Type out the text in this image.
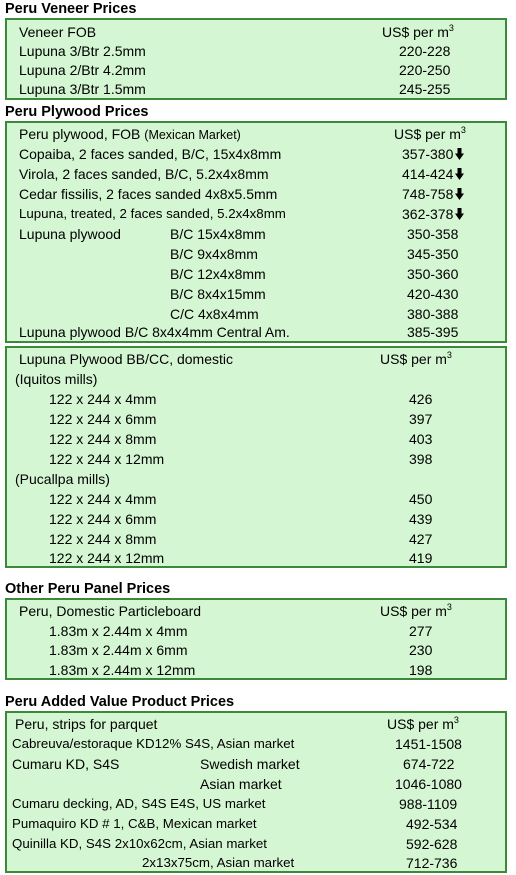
Peru Veneer Prices
Veneer FOB	US$ per $m^3$
Lupuna 3/Btr 2.5mm	220-228
Lupuna 2/Btr 4.2mm	220-250
Lupuna 3/Btr 1.5mm	245-255
Peru Plywood Prices
Peru plywood, FOB (Mexican Market)	US$ per $m^3$
Copaiba, 2 faces sanded, B/C, 15x4x8mm	357-380
Virola, 2 faces sanded, B/C, 5.2x4x8mm	414-424
Cedar fissilis, 2 faces sanded 4x8x5.5mm	748-758
Lupuna, treated, 2 faces sanded, 5.2x4x8mm	362-378
Lupuna plywood	B/C 15x4x8mm	350-358
B/C 9x4x8mm	345-350
B/C 12x4x8mm	350-360
B/C 8x4x15mm	420-430
C/C 4x8x4mm	380-388
Lupuna plywood B/C 8x4x4mm Central Am.	385-395
Lupuna Plywood BB/CC, domestic	US$ per $m^3$
(Iquitos mills)
122 x 244 x 4mm	426
122 x 244 x 6mm	397
122 x 244 x 8mm	403
122 x 244 x 12mm	398
(Pucallpa mills)
122 x 244 x 4mm	450
122 x 244 x 6mm	439
122 x 244 x 8mm	427
122 x 244 x 12mm	419
Other Peru Panel Prices
Peru, Domestic Particleboard	US$ per $m^3$
1.83m x 2.44m x 4mm	277
1.83m x 2.44m x 6mm	230
1.83m x 2.44m x 12mm	198
Peru Added Value Product Prices
Peru, strips for parquet	US$ per $m^3$
Cabreuva/estoraque KD12% S4S, Asian market	1451-1508
Cumaru KD, S4S	Swedish market	674-722
Asian market	1046-1080
Cumaru decking, AD, S4S E4S, US market	988-1109
Pumaquiro KD # 1, C&B, Mexican market	492-534
Quinilla KD, S4S 2x10x62cm, Asian market	592-628
2x13x75cm, Asian market	712-736
